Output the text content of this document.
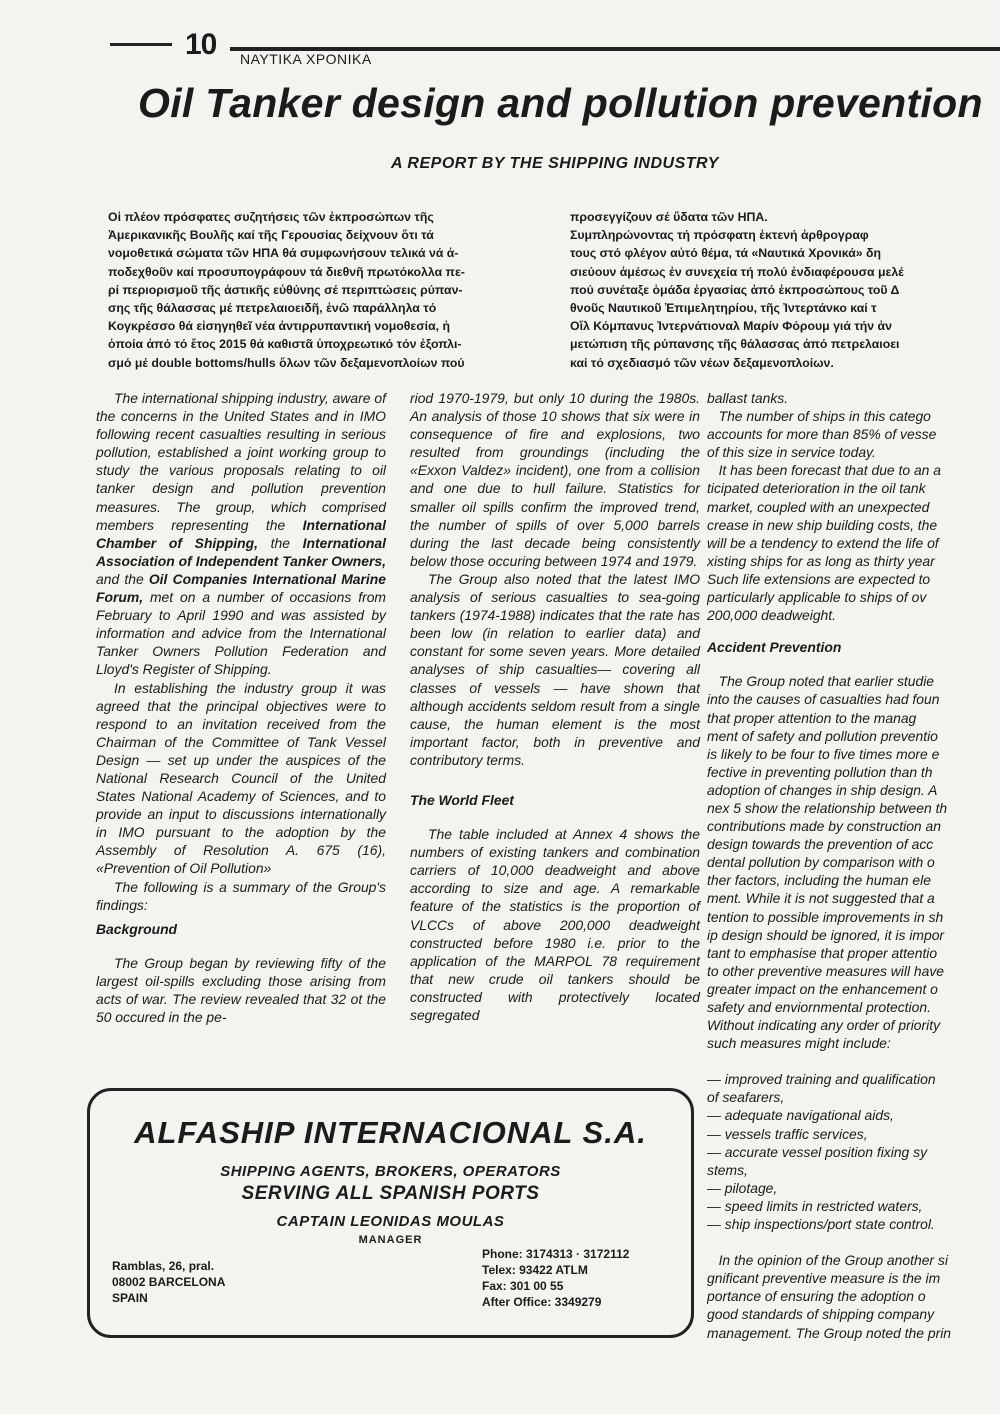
10 ΝΑΥΤΙΚΑ ΧΡΟΝΙΚΑ
Oil Tanker design and pollution prevention
A REPORT BY THE SHIPPING INDUSTRY

Οἱ πλέον πρόσφατες συζητήσεις τῶν ἐκπροσώπων τῆς

Ἀμερικανικῆς Βουλῆς καί τῆς Γερουσίας δείχνουν ὅτι τά

νομοθετικά σώματα τῶν ΗΠΑ θά συμφωνήσουν τελικά νά ἀ-

ποδεχθοῦν καί προσυπογράφουν τά διεθνῆ πρωτόκολλα πε-

ρί περιορισμοῦ τῆς ἀστικῆς εὐθύνης σέ περιπτώσεις ρύπαν-

σης τῆς θάλασσας μέ πετρελαιοειδῆ, ἐνῶ παράλληλα τό

Κογκρέσσο θά εἰσηγηθεῖ νέα ἀντιρρυπαντική νομοθεσία, ἡ

ὁποία ἀπό τό ἔτος 2015 θά καθιστᾶ ὑποχρεωτικό τόν ἐξοπλι-

σμό μέ double bottoms/hulls ὅλων τῶν δεξαμενοπλοίων πού

προσεγγίζουν σέ ὕδατα τῶν ΗΠΑ.

Συμπληρώνοντας τή πρόσφατη ἐκτενή ἀρθρογραφ

τους στό φλέγον αὐτό θέμα, τά «Ναυτικά Χρονικά» δη

σιεύουν ἀμέσως ἐν συνεχεία τή πολύ ἐνδιαφέρουσα μελέ

πού συνέταξε ὁμάδα ἐργασίας ἀπό ἐκπροσώπους τοῦ Δ

θνοῦς Ναυτικοῦ Ἐπιμελητηρίου, τῆς Ἰντερτάνκο καί τ

Οἴλ Κόμπανυς Ἰντερνάτιοναλ Μαρίν Φόρουμ γιά τήν ἀν

μετώπιση τῆς ρύπανσης τῆς θάλασσας ἀπό πετρελαιοει

καί τό σχεδιασμό τῶν νέων δεξαμενοπλοίων.

The international shipping industry, aware of the concerns in the United States and in IMO following recent casualties resulting in serious pollution, established a joint working group to study the various proposals relating to oil tanker design and pollution prevention measures. The group, which comprised members representing the International Chamber of Shipping, the International Association of Independent Tanker Owners, and the Oil Companies International Marine Forum, met on a number of occasions from February to April 1990 and was assisted by information and advice from the International Tanker Owners Pollution Federation and Lloyd's Register of Shipping.

In establishing the industry group it was agreed that the principal objectives were to respond to an invitation received from the Chairman of the Committee of Tank Vessel Design — set up under the auspices of the National Research Council of the United States National Academy of Sciences, and to provide an input to discussions internationally in IMO pursuant to the adoption by the Assembly of Resolution A. 675 (16), «Prevention of Oil Pollution»

The following is a summary of the Group's findings:

Background

The Group began by reviewing fifty of the largest oil-spills excluding those arising from acts of war. The review revealed that 32 ot the 50 occured in the pe-

riod 1970-1979, but only 10 during the 1980s. An analysis of those 10 shows that six were in consequence of fire and explosions, two resulted from groundings (including the «Exxon Valdez» incident), one from a collision and one due to hull failure. Statistics for smaller oil spills confirm the improved trend, the number of spills of over 5,000 barrels during the last decade being consistently below those occuring between 1974 and 1979.

The Group also noted that the latest IMO analysis of serious casualties to sea-going tankers (1974-1988) indicates that the rate has been low (in relation to earlier data) and constant for some seven years. More detailed analyses of ship casualties— covering all classes of vessels — have shown that although accidents seldom result from a single cause, the human element is the most important factor, both in preventive and contributory terms.

The World Fleet

The table included at Annex 4 shows the numbers of existing tankers and combination carriers of 10,000 deadweight and above according to size and age. A remarkable feature of the statistics is the proportion of VLCCs of above 200,000 deadweight constructed before 1980 i.e. prior to the application of the MARPOL 78 requirement that new crude oil tankers should be constructed with protectively located segregated

ballast tanks.

The number of ships in this catego

accounts for more than 85% of vesse

of this size in service today.

It has been forecast that due to an a

ticipated deterioration in the oil tank

market, coupled with an unexpected

crease in new ship building costs, the

will be a tendency to extend the life of

xisting ships for as long as thirty year

Such life extensions are expected to

particularly applicable to ships of ov

200,000 deadweight.

Accident Prevention

The Group noted that earlier studie

into the causes of casualties had foun

that proper attention to the manag

ment of safety and pollution preventio

is likely to be four to five times more e

fective in preventing pollution than th

adoption of changes in ship design. A

nex 5 show the relationship between th

contributions made by construction an

design towards the prevention of acc

dental pollution by comparison with o

ther factors, including the human ele

ment. While it is not suggested that a

tention to possible improvements in sh

ip design should be ignored, it is impor

tant to emphasise that proper attentio

to other preventive measures will have

greater impact on the enhancement o

safety and enviornmental protection.

Without indicating any order of priority

such measures might include:

— improved training and qualification

of seafarers,

— adequate navigational aids,

— vessels traffic services,

— accurate vessel position fixing sy

stems,

— pilotage,

— speed limits in restricted waters,

— ship inspections/port state control.

In the opinion of the Group another si

gnificant preventive measure is the im

portance of ensuring the adoption o

good standards of shipping company

management. The Group noted the prin

ALFASHIP INTERNACIONAL S.A.
SHIPPING AGENTS, BROKERS, OPERATORS
SERVING ALL SPANISH PORTS
CAPTAIN LEONIDAS MOULAS
MANAGER
Ramblas, 26, pral.
08002 BARCELONA
SPAIN
Phone: 3174313 · 3172112
Telex: 93422 ATLM
Fax: 301 00 55
After Office: 3349279
